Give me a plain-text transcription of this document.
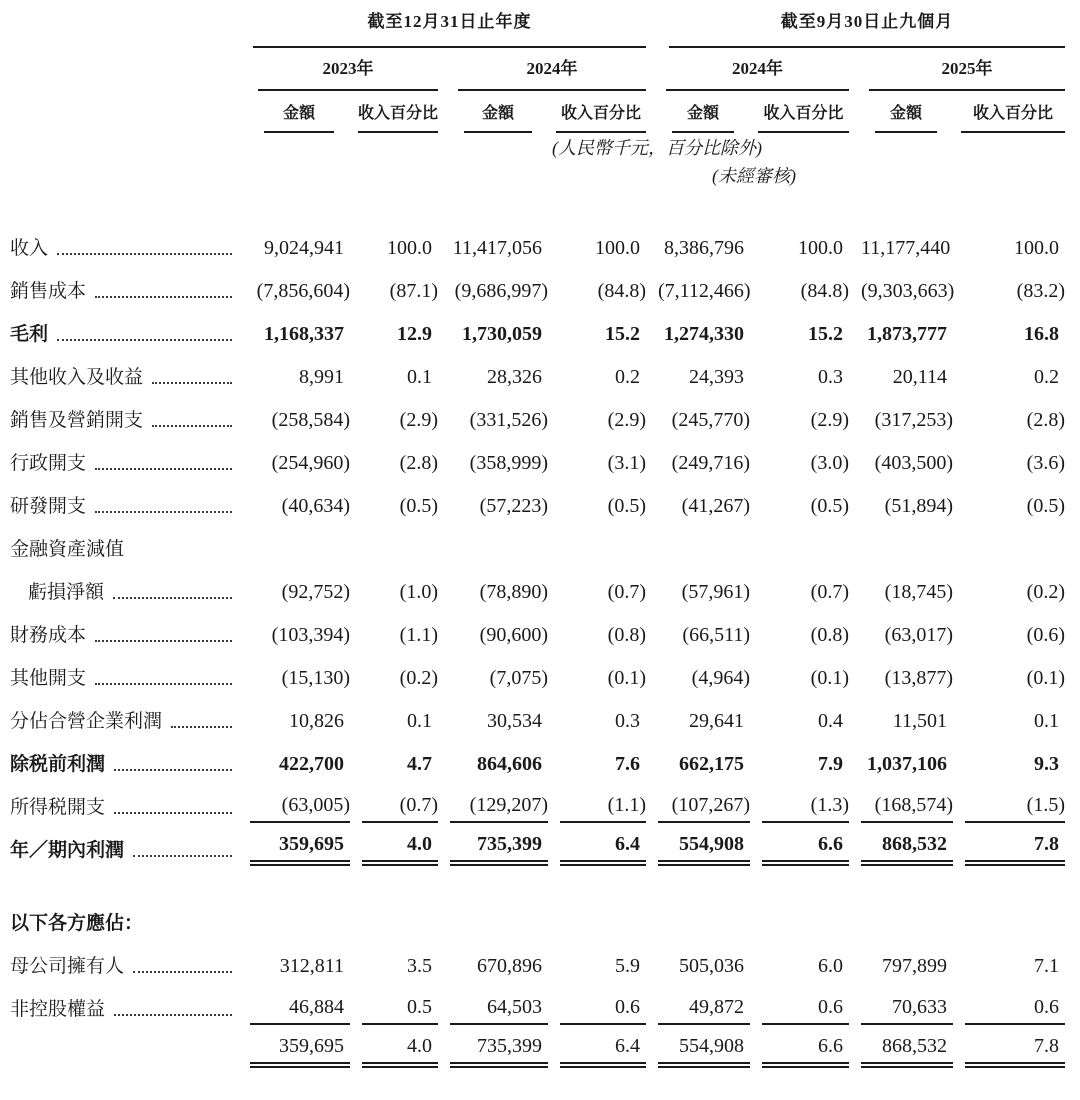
	截至12月31日止年度				截至9月30日止九個月			

	2023年		2024年		2024年		2025年	

	金額	收入百分比	金額	收入百分比	金額	收入百分比	金額	收入百分比

收入	9,024,941	100.0	11,417,056	100.0	8,386,796	100.0	11,177,440	100.0

銷售成本	(7,856,604)	(87.1)	(9,686,997)	(84.8)	(7,112,466)	(84.8)	(9,303,663)	(83.2)

毛利	1,168,337	12.9	1,730,059	15.2	1,274,330	15.2	1,873,777	16.8

其他收入及收益	8,991	0.1	28,326	0.2	24,393	0.3	20,114	0.2

銷售及營銷開支	(258,584)	(2.9)	(331,526)	(2.9)	(245,770)	(2.9)	(317,253)	(2.8)

行政開支	(254,960)	(2.8)	(358,999)	(3.1)	(249,716)	(3.0)	(403,500)	(3.6)

研發開支	(40,634)	(0.5)	(57,223)	(0.5)	(41,267)	(0.5)	(51,894)	(0.5)

金融資產減值								

虧損淨額	(92,752)	(1.0)	(78,890)	(0.7)	(57,961)	(0.7)	(18,745)	(0.2)

財務成本	(103,394)	(1.1)	(90,600)	(0.8)	(66,511)	(0.8)	(63,017)	(0.6)

其他開支	(15,130)	(0.2)	(7,075)	(0.1)	(4,964)	(0.1)	(13,877)	(0.1)

分佔合營企業利潤	10,826	0.1	30,534	0.3	29,641	0.4	11,501	0.1

除税前利潤	422,700	4.7	864,606	7.6	662,175	7.9	1,037,106	9.3

所得税開支	(63,005)	(0.7)	(129,207)	(1.1)	(107,267)	(1.3)	(168,574)	(1.5)

年／期內利潤	359,695	4.0	735,399	6.4	554,908	6.6	868,532	7.8

以下各方應佔：								

母公司擁有人	312,811	3.5	670,896	5.9	505,036	6.0	797,899	7.1

非控股權益	46,884	0.5	64,503	0.6	49,872	0.6	70,633	0.6

	359,695	4.0	735,399	6.4	554,908	6.6	868,532	7.8
(人民幣千元，百分比除外)
(未經審核)
